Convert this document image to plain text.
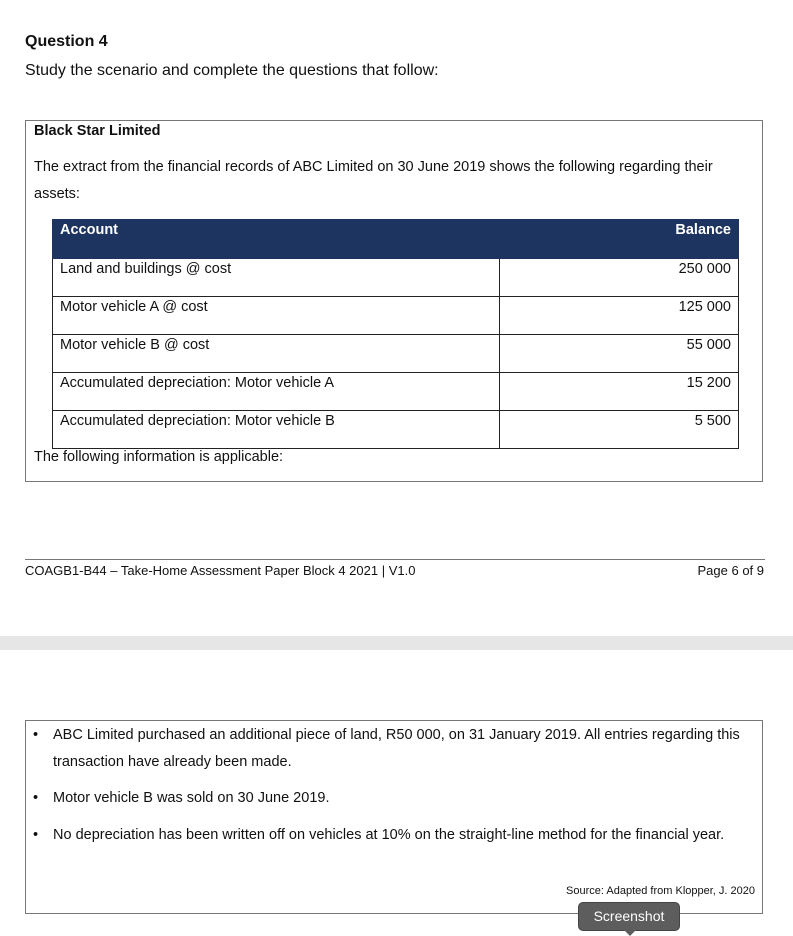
Question 4

Study the scenario and complete the questions that follow:

Black Star Limited
The extract from the financial records of ABC Limited on 30 June 2019 shows the following regarding their assets:
Account	Balance
Land and buildings @ cost	250 000
Motor vehicle A @ cost	125 000
Motor vehicle B @ cost	55 000
Accumulated depreciation: Motor vehicle A	15 200
Accumulated depreciation: Motor vehicle B	5 500
The following information is applicable:
COAGB1-B44 – Take-Home Assessment Paper Block 4 2021 | V1.0	Page 6 of 9
• ABC Limited purchased an additional piece of land, R50 000, on 31 January 2019. All entries regarding this transaction have already been made.
• Motor vehicle B was sold on 30 June 2019.
• No depreciation has been written off on vehicles at 10% on the straight-line method for the financial year.
Source: Adapted from Klopper, J. 2020
Screenshot
